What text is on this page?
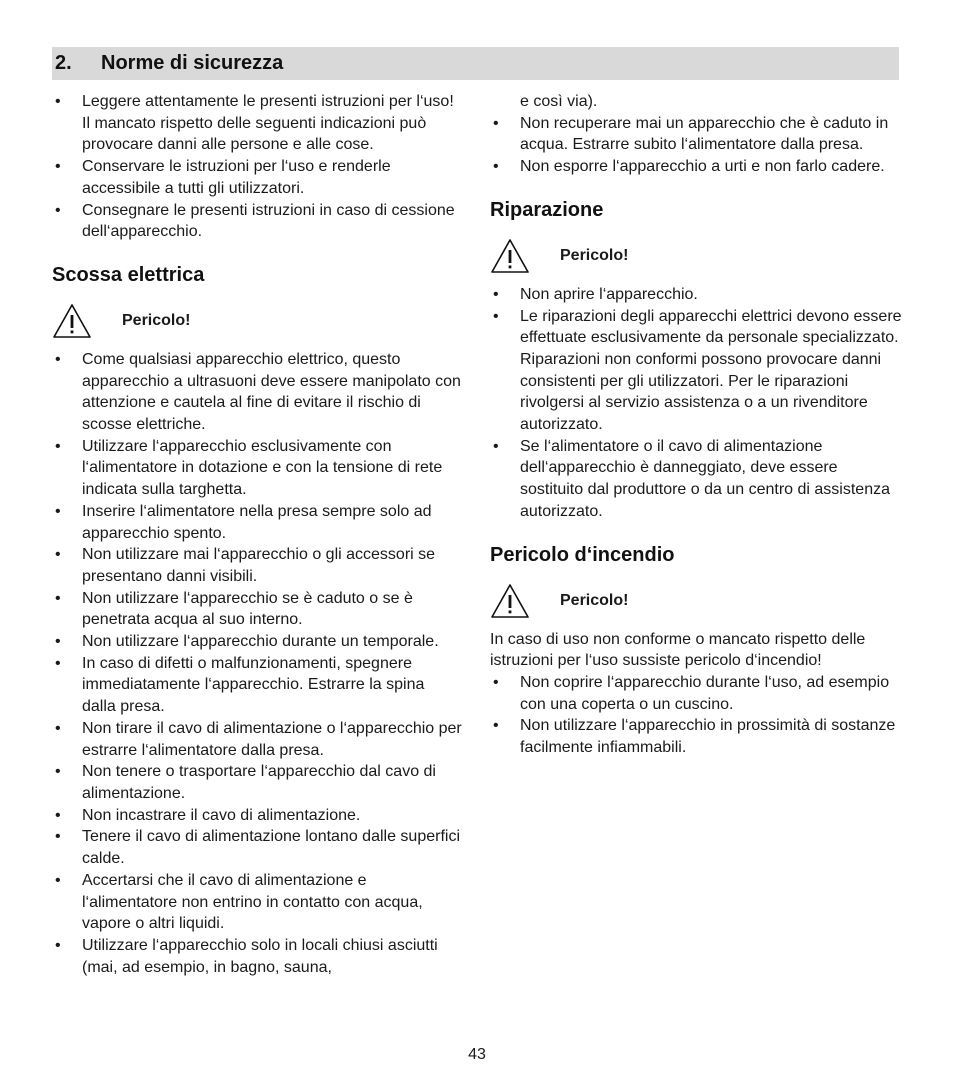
2.	Norme di sicurezza
• Leggere attentamente le presenti istruzioni per l‘uso! Il mancato rispetto delle seguenti indicazioni può provocare danni alle persone e alle cose.
• Conservare le istruzioni per l‘uso e renderle accessibile a tutti gli utilizzatori.
• Consegnare le presenti istruzioni in caso di cessione dell‘apparecchio.
Scossa elettrica
Pericolo!
• Come qualsiasi apparecchio elettrico, questo apparecchio a ultrasuoni deve essere manipolato con attenzione e cautela al fine di evitare il rischio di scosse elettriche.
• Utilizzare l‘apparecchio esclusivamente con l‘alimentatore in dotazione e con la tensione di rete indicata sulla targhetta.
• Inserire l‘alimentatore nella presa sempre solo ad apparecchio spento.
• Non utilizzare mai l‘apparecchio o gli accessori se presentano danni visibili.
• Non utilizzare l‘apparecchio se è caduto o se è penetrata acqua al suo interno.
• Non utilizzare l‘apparecchio durante un temporale.
• In caso di difetti o malfunzionamenti, spegnere immediatamente l‘apparecchio. Estrarre la spina dalla presa.
• Non tirare il cavo di alimentazione o l‘apparecchio per estrarre l‘alimentatore dalla presa.
• Non tenere o trasportare l‘apparecchio dal cavo di alimentazione.
• Non incastrare il cavo di alimentazione.
• Tenere il cavo di alimentazione lontano dalle superfici calde.
• Accertarsi che il cavo di alimentazione e l‘alimentatore non entrino in contatto con acqua, vapore o altri liquidi.
• Utilizzare l‘apparecchio solo in locali chiusi asciutti (mai, ad esempio, in bagno, sauna,
e così via).
• Non recuperare mai un apparecchio che è caduto in acqua. Estrarre subito l‘alimentatore dalla presa.
• Non esporre l‘apparecchio a urti e non farlo cadere.
Riparazione
Pericolo!
• Non aprire l‘apparecchio.
• Le riparazioni degli apparecchi elettrici devono essere effettuate esclusivamente da personale specializzato. Riparazioni non conformi possono provocare danni consistenti per gli utilizzatori. Per le riparazioni rivolgersi al servizio assistenza o a un rivenditore autorizzato.
• Se l‘alimentatore o il cavo di alimentazione dell‘apparecchio è danneggiato, deve essere sostituito dal produttore o da un centro di assistenza autorizzato.
Pericolo d‘incendio
Pericolo!

In caso di uso non conforme o mancato rispetto delle istruzioni per l‘uso sussiste pericolo d‘incendio!

• Non coprire l‘apparecchio durante l‘uso, ad esempio con una coperta o un cuscino.
• Non utilizzare l‘apparecchio in prossimità di sostanze facilmente infiammabili.
43
